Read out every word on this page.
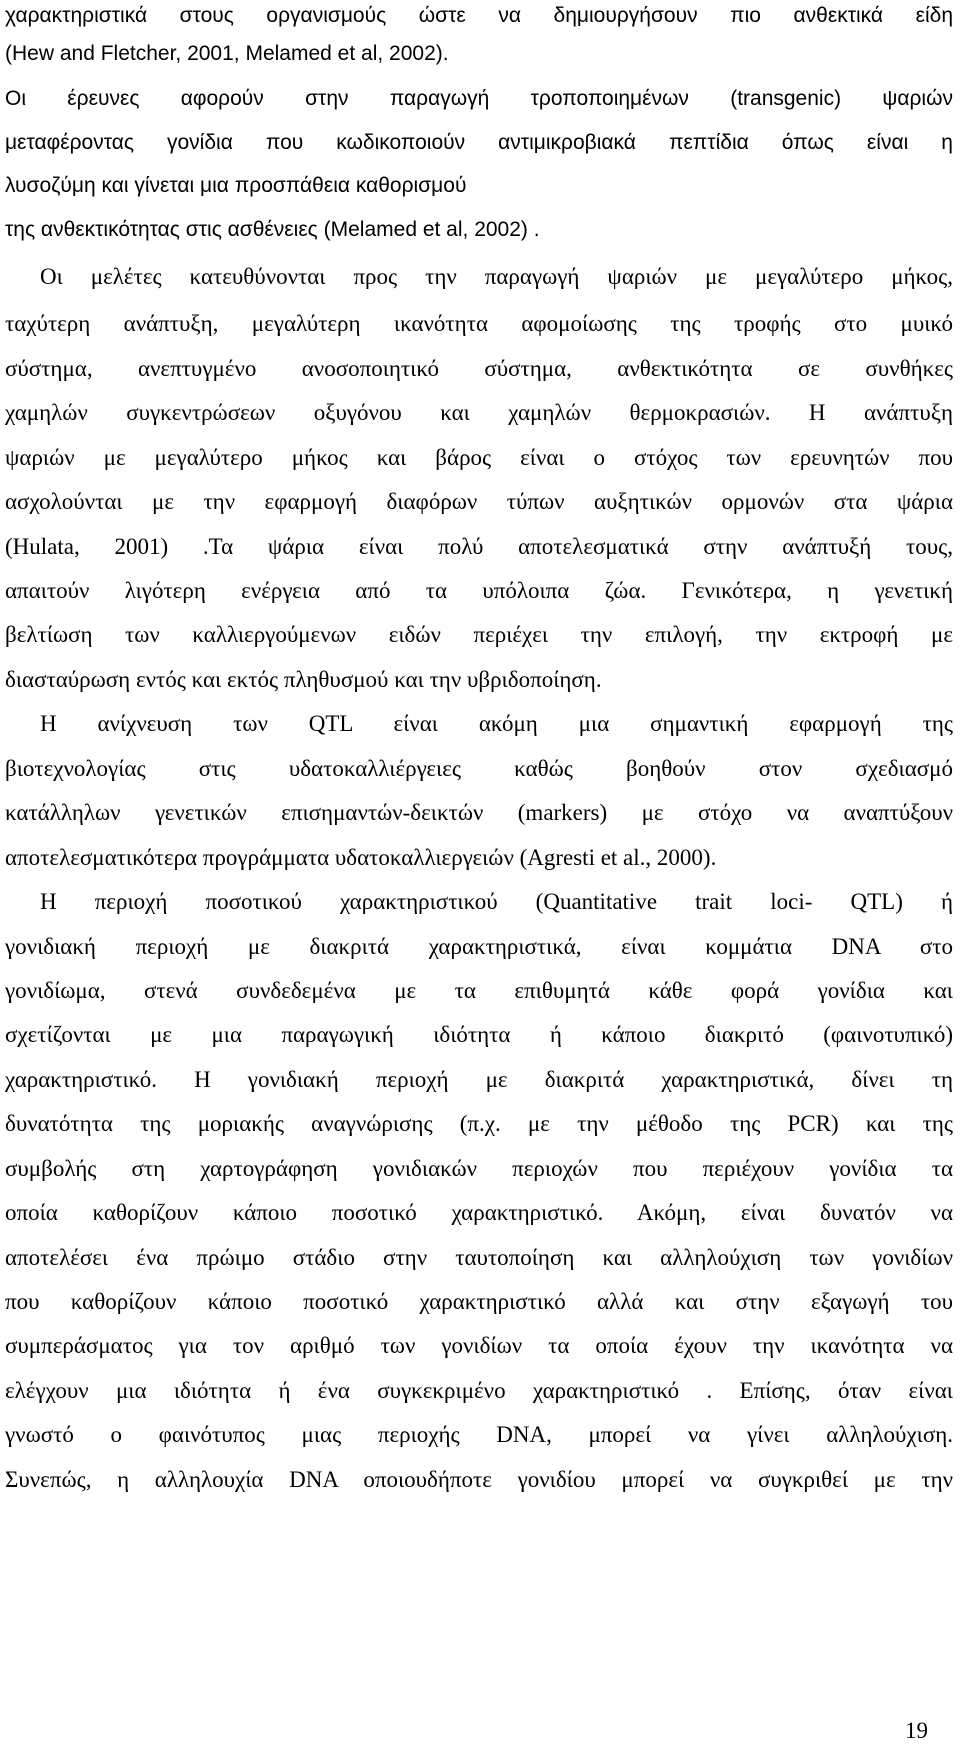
χαρακτηριστικά στους οργανισμούς ώστε να δημιουργήσουν πιο ανθεκτικά είδη
(Hew and Fletcher, 2001, Melamed et al, 2002).
Οι έρευνες αφορούν στην παραγωγή τροποποιημένων (transgenic) ψαριών
μεταφέροντας γονίδια που κωδικοποιούν αντιμικροβιακά πεπτίδια όπως είναι η
λυσοζύμη και γίνεται μια προσπάθεια καθορισμού
της ανθεκτικότητας στις ασθένειες (Melamed et al, 2002) .
Οι μελέτες κατευθύνονται προς την παραγωγή ψαριών με μεγαλύτερο μήκος,
ταχύτερη ανάπτυξη, μεγαλύτερη ικανότητα αφομοίωσης της τροφής στο μυικό
σύστημα, ανεπτυγμένο ανοσοποιητικό σύστημα, ανθεκτικότητα σε συνθήκες
χαμηλών συγκεντρώσεων οξυγόνου και χαμηλών θερμοκρασιών. Η ανάπτυξη
ψαριών με μεγαλύτερο μήκος και βάρος είναι ο στόχος των ερευνητών που
ασχολούνται με την εφαρμογή διαφόρων τύπων αυξητικών ορμονών στα ψάρια
(Hulata, 2001) .Τα ψάρια είναι πολύ αποτελεσματικά στην ανάπτυξή τους,
απαιτούν λιγότερη ενέργεια από τα υπόλοιπα ζώα. Γενικότερα, η γενετική
βελτίωση των καλλιεργούμενων ειδών περιέχει την επιλογή, την εκτροφή με
διασταύρωση εντός και εκτός πληθυσμού και την υβριδοποίηση.
Η ανίχνευση των QTL είναι ακόμη μια σημαντική εφαρμογή της
βιοτεχνολογίας στις υδατοκαλλιέργειες καθώς βοηθούν στον σχεδιασμό
κατάλληλων γενετικών επισημαντών-δεικτών (markers) με στόχο να αναπτύξουν
αποτελεσματικότερα προγράμματα υδατοκαλλιεργειών (Agresti et al., 2000).
Η περιοχή ποσοτικού χαρακτηριστικού (Quantitative trait loci- QTL) ή
γονιδιακή περιοχή με διακριτά χαρακτηριστικά, είναι κομμάτια DNA στο
γονιδίωμα, στενά συνδεδεμένα με τα επιθυμητά κάθε φορά γονίδια και
σχετίζονται με μια παραγωγική ιδιότητα ή κάποιο διακριτό (φαινοτυπικό)
χαρακτηριστικό. Η γονιδιακή περιοχή με διακριτά χαρακτηριστικά, δίνει τη
δυνατότητα της μοριακής αναγνώρισης (π.χ. με την μέθοδο της PCR) και της
συμβολής στη χαρτογράφηση γονιδιακών περιοχών που περιέχουν γονίδια τα
οποία καθορίζουν κάποιο ποσοτικό χαρακτηριστικό. Ακόμη, είναι δυνατόν να
αποτελέσει ένα πρώιμο στάδιο στην ταυτοποίηση και αλληλούχιση των γονιδίων
που καθορίζουν κάποιο ποσοτικό χαρακτηριστικό αλλά και στην εξαγωγή του
συμπεράσματος για τον αριθμό των γονιδίων τα οποία έχουν την ικανότητα να
ελέγχουν μια ιδιότητα ή ένα συγκεκριμένο χαρακτηριστικό . Επίσης, όταν είναι
γνωστό ο φαινότυπος μιας περιοχής DNA, μπορεί να γίνει αλληλούχιση.
Συνεπώς, η αλληλουχία DNA οποιουδήποτε γονιδίου μπορεί να συγκριθεί με την
19
